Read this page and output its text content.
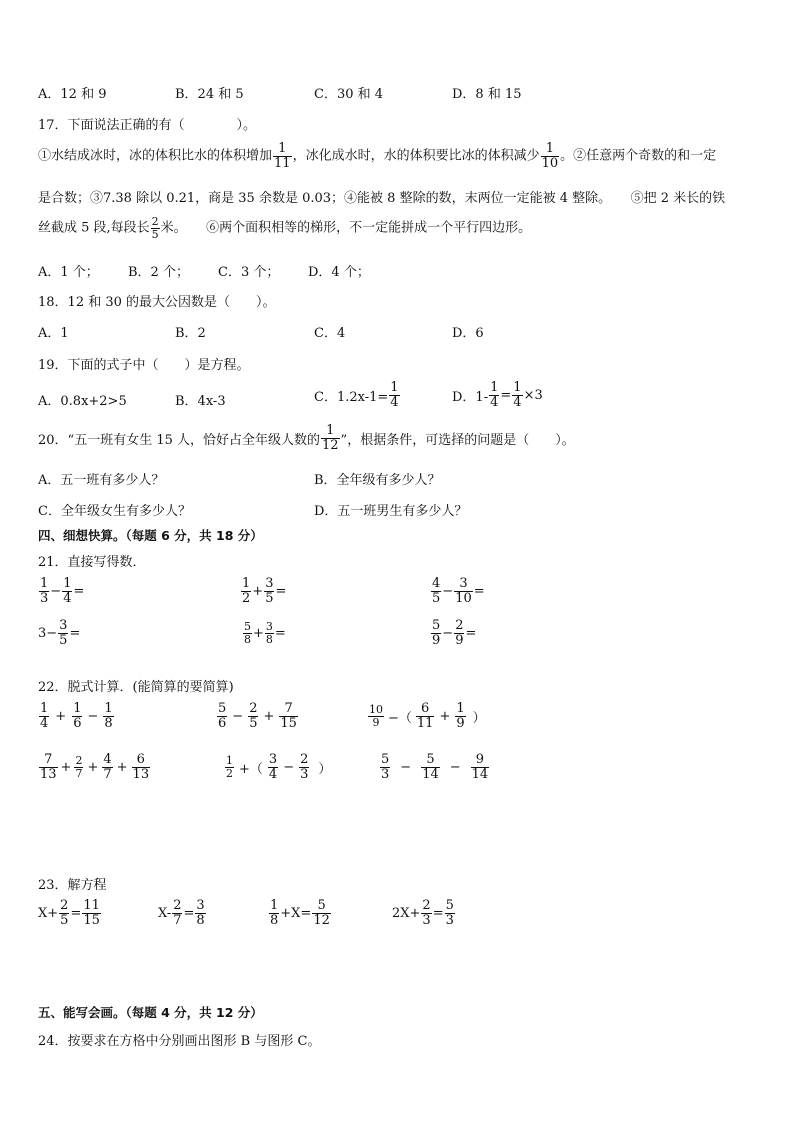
A．12 和 9	B．24 和 5	C．30 和 4	D．8 和 15
17．下面说法正确的有（　　　　）。
①水结成冰时，冰的体积比水的体积增加 $\frac{1}{11}$ ，冰化成水时，水的体积要比冰的体积减少 $\frac{1}{10}$ 。②任意两个奇数的和一定
是合数；③7.38 除以 0.21，商是 35 余数是 0.03；④能被 8 整除的数，末两位一定能被 4 整除。　　⑤把 2 米长的铁
丝截成 5 段,每段长 $\frac{2}{5}$ 米。　　⑥两个面积相等的梯形，不一定能拼成一个平行四边形。
A．1 个； B．2 个； C．3 个； D．4 个；
18．12 和 30 的最大公因数是（　　）。
A．1	B．2	C．4	D．6
19．下面的式子中（　　）是方程。
A．0.8x+2>5	B．4x-3	C．$1.2x-1= \frac{1}{4}$	D．$1- \frac{1}{4} = \frac{1}{4} \times 3$
20．“五一班有女生 15 人，恰好占全年级人数的 $\frac{1}{12}$ ”，根据条件，可选择的问题是（　　）。
A．五一班有多少人？	B．全年级有多少人？
C．全年级女生有多少人？	D．五一班男生有多少人？
四、细想快算。（每题 6 分，共 18 分）
21．直接写得数．
$\frac{1}{3} - \frac{1}{4}$ =	$\frac{1}{2} + \frac{3}{5}$ =	$\frac{4}{5} - \frac{3}{10}$ =
$3- \frac{3}{5}$ =	$\frac{5}{8} + \frac{3}{8}$ =	$\frac{5}{9} - \frac{2}{9}$ =
22．脱式计算．(能简算的要简算)
$\frac{1}{4} + \frac{1}{6} - \frac{1}{8}$	$\frac{5}{6} - \frac{2}{5} + \frac{7}{15}$	$\frac{10}{9}$ −（ $\frac{6}{11} + \frac{1}{9}$ ）
$\frac{7}{13} + \frac{2}{7} + \frac{4}{7} + \frac{6}{13}$	$\frac{1}{2}$ +（ $\frac{3}{4} - \frac{2}{3}$ ）	$\frac{5}{3} - \frac{5}{14} - \frac{9}{14}$
23．解方程
$X+ \frac{2}{5} = \frac{11}{15}$	$X- \frac{2}{7} = \frac{3}{8}$	$\frac{1}{8} +X= \frac{5}{12}$	$2X+ \frac{2}{3} = \frac{5}{3}$
五、能写会画。（每题 4 分，共 12 分）
24．按要求在方格中分别画出图形 B 与图形 C。
